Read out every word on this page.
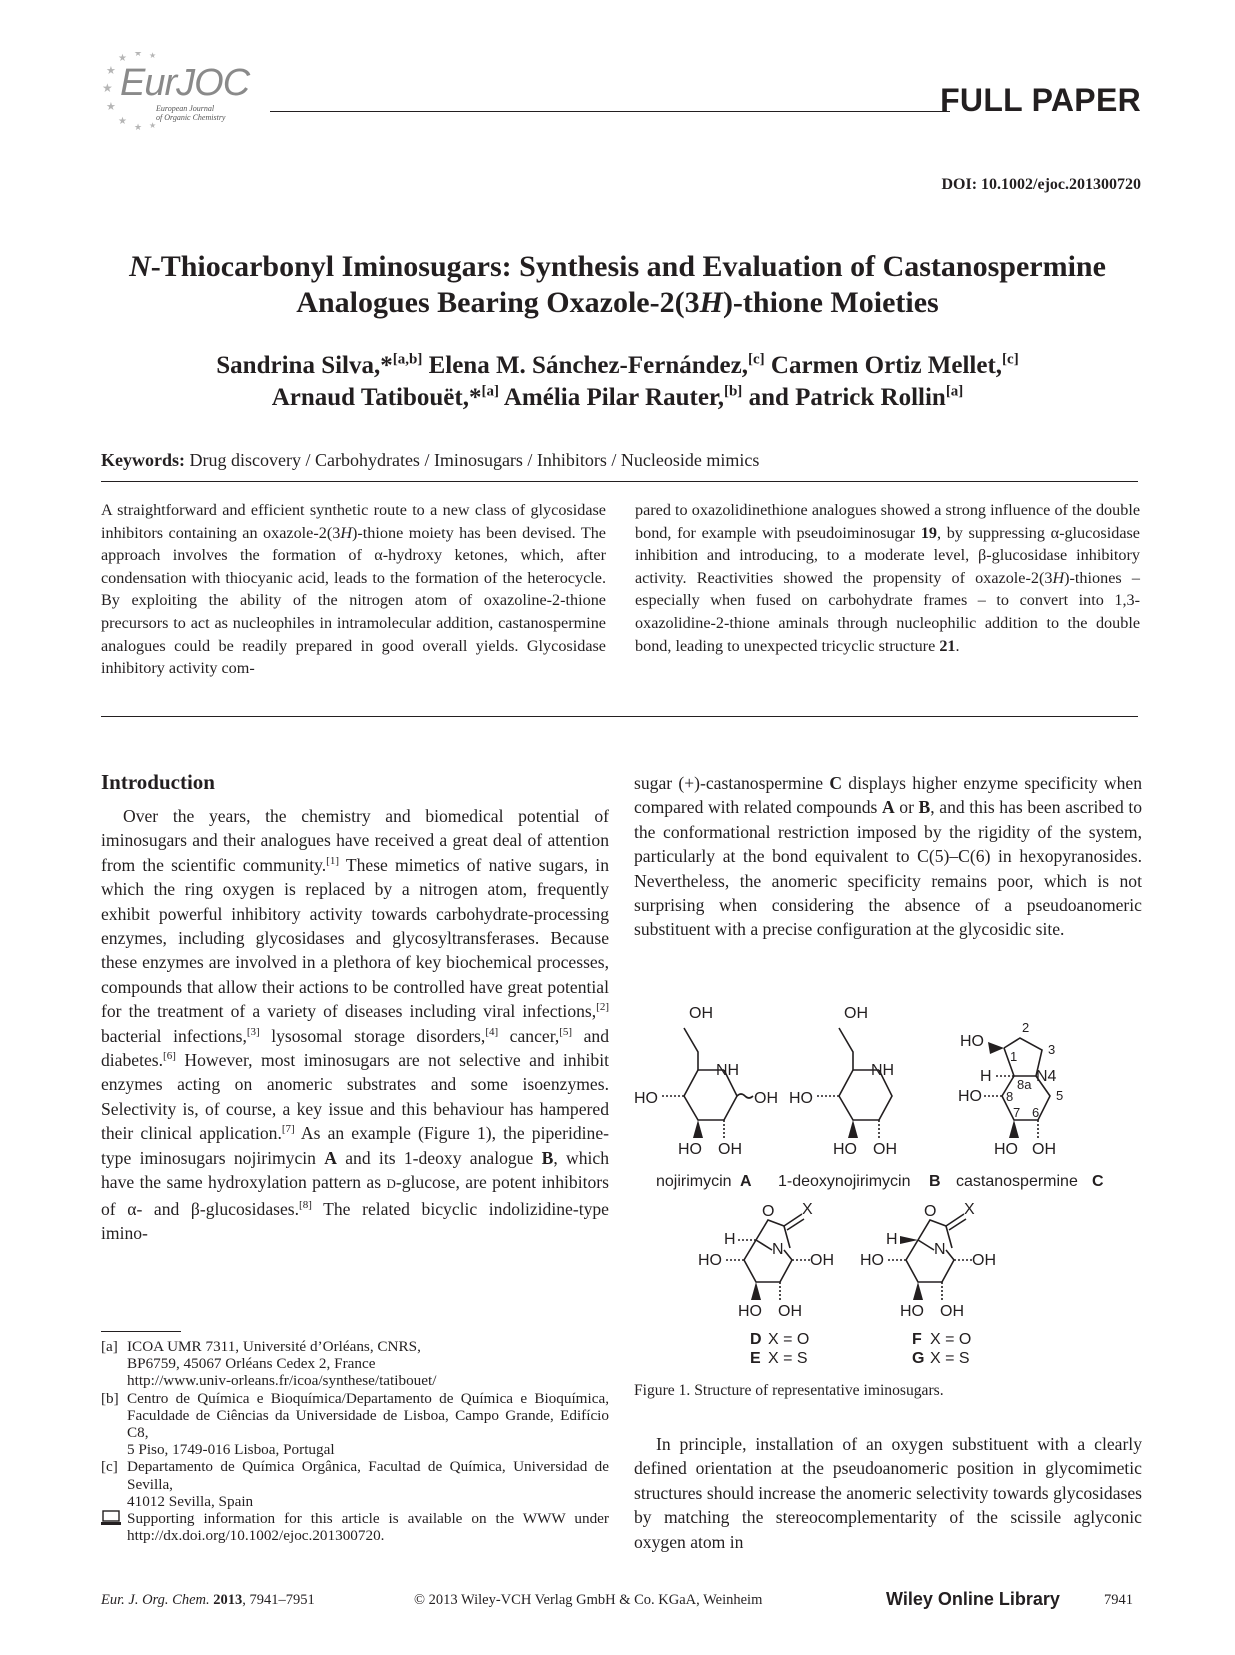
★
★
★ ★ ★
★
★ ★ ★
EurJOC
European Journal
of Organic Chemistry	FULL PAPER
DOI: 10.1002/ejoc.201300720
N-Thiocarbonyl Iminosugars: Synthesis and Evaluation of Castanospermine
Analogues Bearing Oxazole-2(3H)-thione Moieties
Sandrina Silva,*[a,b] Elena M. Sánchez-Fernández,[c] Carmen Ortiz Mellet,[c]
Arnaud Tatibouët,*[a] Amélia Pilar Rauter,[b] and Patrick Rollin[a]
Keywords: Drug discovery / Carbohydrates / Iminosugars / Inhibitors / Nucleoside mimics
A straightforward and efficient synthetic route to a new class of glycosidase inhibitors containing an oxazole-2(3H)-thione moiety has been devised. The approach involves the formation of α-hydroxy ketones, which, after condensation with thiocyanic acid, leads to the formation of the heterocycle. By exploiting the ability of the nitrogen atom of oxazoline-2-thione precursors to act as nucleophiles in intramolecular addition, castanospermine analogues could be readily prepared in good overall yields. Glycosidase inhibitory activity com-
pared to oxazolidinethione analogues showed a strong influence of the double bond, for example with pseudoiminosugar 19, by suppressing α-glucosidase inhibition and introducing, to a moderate level, β-glucosidase inhibitory activity. Reactivities showed the propensity of oxazole-2(3H)-thiones – especially when fused on carbohydrate frames – to convert into 1,3-oxazolidine-2-thione aminals through nucleophilic addition to the double bond, leading to unexpected tricyclic structure 21.
Introduction
Over the years, the chemistry and biomedical potential of iminosugars and their analogues have received a great deal of attention from the scientific community.[1] These mimetics of native sugars, in which the ring oxygen is replaced by a nitrogen atom, frequently exhibit powerful inhibitory activity towards carbohydrate-processing enzymes, including glycosidases and glycosyltransferases. Because these enzymes are involved in a plethora of key biochemical processes, compounds that allow their actions to be controlled have great potential for the treatment of a variety of diseases including viral infections,[2] bacterial infections,[3] lysosomal storage disorders,[4] cancer,[5] and diabetes.[6] However, most iminosugars are not selective and inhibit enzymes acting on anomeric substrates and some isoenzymes. Selectivity is, of course, a key issue and this behaviour has hampered their clinical application.[7] As an example (Figure 1), the piperidine-type iminosugars nojirimycin A and its 1-deoxy analogue B, which have the same hydroxylation pattern as D-glucose, are potent inhibitors of α- and β-glucosidases.[8] The related bicyclic indolizidine-type imino-
sugar (+)-castanospermine C displays higher enzyme specificity when compared with related compounds A or B, and this has been ascribed to the conformational restriction imposed by the rigidity of the system, particularly at the bond equivalent to C(5)–C(6) in hexopyranosides. Nevertheless, the anomeric specificity remains poor, which is not surprising when considering the absence of a pseudoanomeric substituent with a precise configuration at the glycosidic site.
OH
NH
HO	OH
HO OH
nojirimycin A
OH
NH
HO
HO OH
1-deoxynojirimycin B
HO
2
3
1
H 8a N4
5
HO 8
7 6
HO OH
castanospermine C
O X
H
N
HO	OH
HO OH
D X = O
E X = S
O X
H
N
HO	OH
HO OH
F X = O
G X = S
Figure 1. Structure of representative iminosugars.
In principle, installation of an oxygen substituent with a clearly defined orientation at the pseudoanomeric position in glycomimetic structures should increase the anomeric selectivity towards glycosidases by matching the stereocomplementarity of the scissile aglyconic oxygen atom in
[a] ICOA UMR 7311, Université d’Orléans, CNRS,
BP6759, 45067 Orléans Cedex 2, France
http://www.univ-orleans.fr/icoa/synthese/tatibouet/
[b] Centro de Química e Bioquímica/Departamento de Química e Bioquímica, Faculdade de Ciências da Universidade de Lisboa, Campo Grande, Edifício C8,
5 Piso, 1749-016 Lisboa, Portugal
[c] Departamento de Química Orgânica, Facultad de Química, Universidad de Sevilla,
41012 Sevilla, Spain
Supporting information for this article is available on the WWW under http://dx.doi.org/10.1002/ejoc.201300720.
Eur. J. Org. Chem. 2013, 7941–7951	© 2013 Wiley-VCH Verlag GmbH & Co. KGaA, Weinheim	Wiley Online Library	7941
